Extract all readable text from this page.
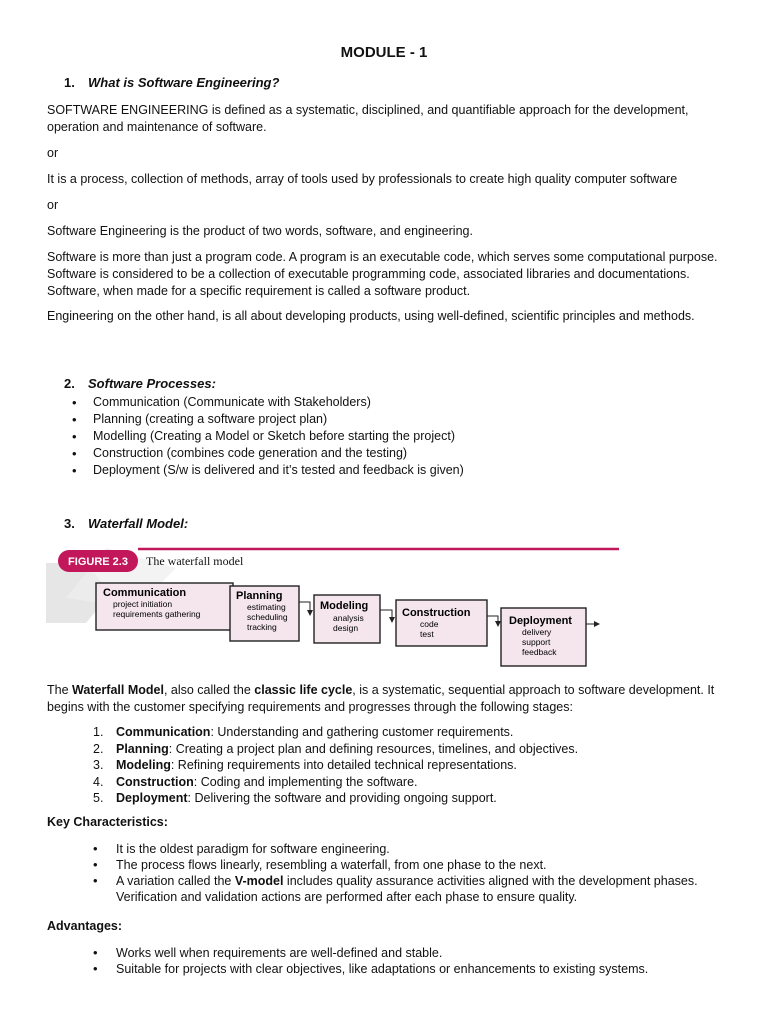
MODULE - 1
1. What is Software Engineering?
SOFTWARE ENGINEERING is defined as a systematic, disciplined, and quantifiable approach for the development, operation and maintenance of software.
or
It is a process, collection of methods, array of tools used by professionals to create high quality computer software
or
Software Engineering is the product of two words, software, and engineering.
Software is more than just a program code. A program is an executable code, which serves some computational purpose. Software is considered to be a collection of executable programming code, associated libraries and documentations. Software, when made for a specific requirement is called a software product.
Engineering on the other hand, is all about developing products, using well-defined, scientific principles and methods.
2. Software Processes:
• Communication (Communicate with Stakeholders)
• Planning (creating a software project plan)
• Modelling (Creating a Model or Sketch before starting the project)
• Construction (combines code generation and the testing)
• Deployment (S/w is delivered and it’s tested and feedback is given)
3. Waterfall Model:
FIGURE 2.3 The waterfall model
Communication
project initiation
requirements gathering
Planning
estimating
scheduling
tracking
Modeling
analysis
design
Construction
code
test
Deployment
delivery
support
feedback
The Waterfall Model, also called the classic life cycle, is a systematic, sequential approach to software development. It begins with the customer specifying requirements and progresses through the following stages:
1. Communication: Understanding and gathering customer requirements.
2. Planning: Creating a project plan and defining resources, timelines, and objectives.
3. Modeling: Refining requirements into detailed technical representations.
4. Construction: Coding and implementing the software.
5. Deployment: Delivering the software and providing ongoing support.
Key Characteristics:
• It is the oldest paradigm for software engineering.
• The process flows linearly, resembling a waterfall, from one phase to the next.
• A variation called the V-model includes quality assurance activities aligned with the development phases. Verification and validation actions are performed after each phase to ensure quality.
Advantages:
• Works well when requirements are well-defined and stable.
• Suitable for projects with clear objectives, like adaptations or enhancements to existing systems.
